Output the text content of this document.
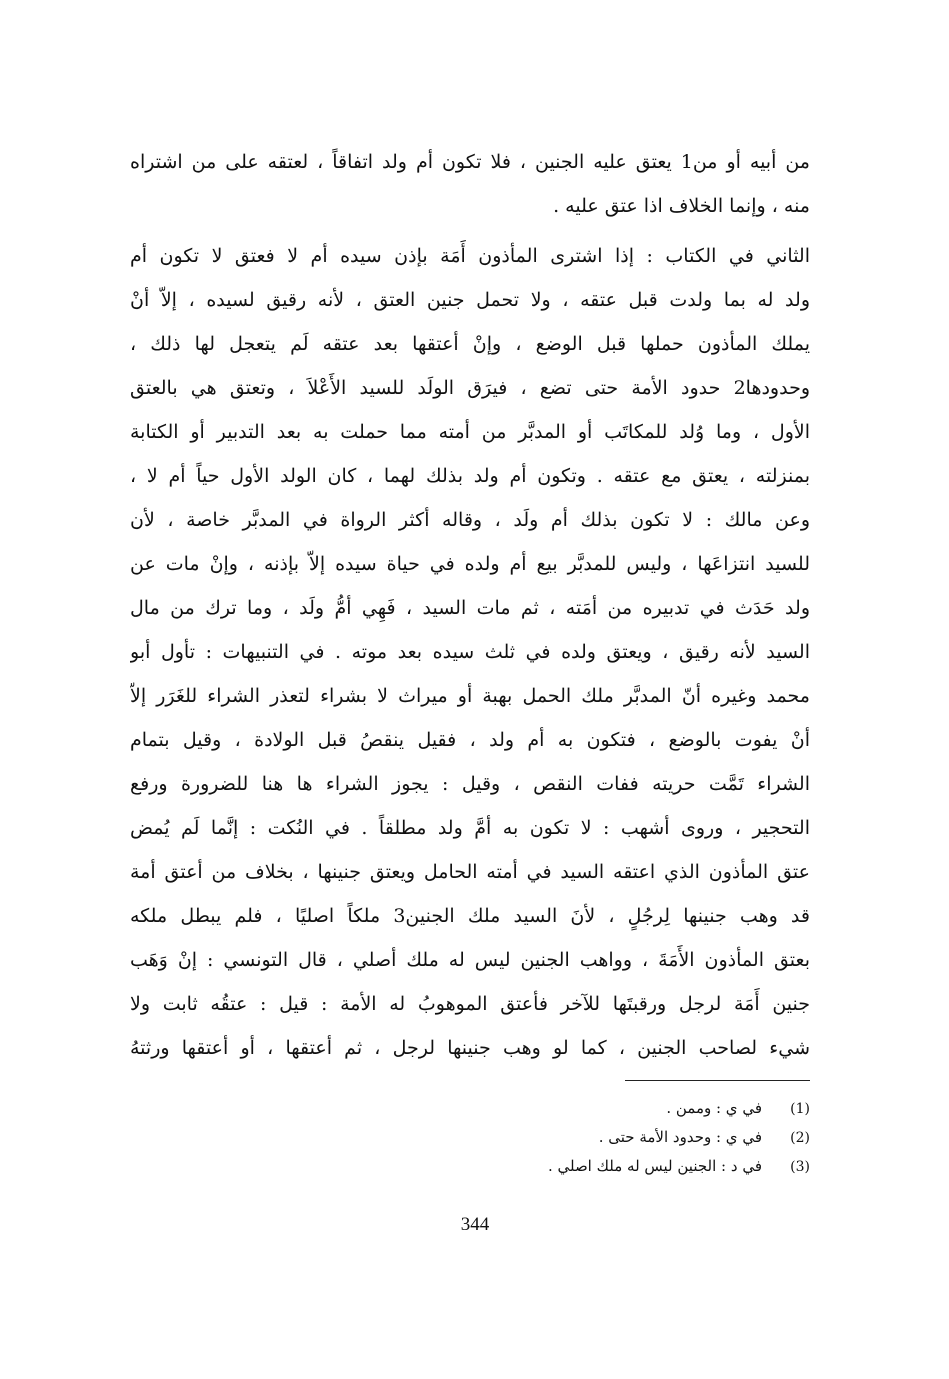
من أبيه أو من1 يعتق عليه الجنين ، فلا تكون أم ولد اتفاقاً ، لعتقه على من اشتراه
منه ، وإنما الخلاف اذا عتق عليه .
الثاني في الكتاب : إذا اشترى المأذون أَمَة بإذن سيده أم لا فعتق لا تكون أم
ولد له بما ولدت قبل عتقه ، ولا تحمل جنين العتق ، لأنه رقيق لسيده ، إلاّ أنْ
يملك المأذون حملها قبل الوضع ، وإنْ أعتقها بعد عتقه لَم يتعجل لها ذلك ،
وحدودها2 حدود الأمة حتى تضع ، فيرَق الولَد للسيد الأَعْلاَ ، وتعتق هي بالعتق
الأول ، وما وُلد للمكاتَب أو المدبَّر من أمته مما حملت به بعد التدبير أو الكتابة
بمنزلته ، يعتق مع عتقه . وتكون أم ولد بذلك لهما ، كان الولد الأول حياً أم لا ،
وعن مالك : لا تكون بذلك أم ولَد ، وقاله أكثر الرواة في المدبَّر خاصة ، لأن
للسيد انتزاعَها ، وليس للمدبَّر بيع أم ولده في حياة سيده إلاّ بإذنه ، وإنْ مات عن
ولد حَدَث في تدبيره من أمَته ، ثم مات السيد ، فَهِي أمُّ ولَد ، وما ترك من مال
السيد لأنه رقيق ، ويعتق ولده في ثلث سيده بعد موته . في التنبيهات : تأول أبو
محمد وغيره أنّ المدبَّر ملك الحمل بهبة أو ميراث لا بشراء لتعذر الشراء للغَرَر إلاّ
أنْ يفوت بالوضع ، فتكون به أم ولد ، فقيل ينقصُ قبل الولادة ، وقيل بتمام
الشراء تَمَّت حريته ففات النقص ، وقيل : يجوز الشراء ها هنا للضرورة ورفع
التحجير ، وروى أشهب : لا تكون به أمَّ ولد مطلقاً . في النُكت : إنَّما لَم يُمض
عتق المأذون الذي اعتقه السيد في أمته الحامل ويعتق جنينها ، بخلاف من أعتق أمة
قد وهب جنينها لِرجُلٍ ، لأنَ السيد ملك الجنين3 ملكاً اصليًا ، فلم يبطل ملكه
بعتق المأذون الأَمَةَ ، وواهب الجنين ليس له ملك أصلي ، قال التونسي : إنْ وَهَب
جنين أَمَة لرجل ورقبتَها للآخر فأعتق الموهوبُ له الأمة : قيل : عتقُه ثابت ولا
شيء لصاحب الجنين ، كما لو وهب جنينها لرجل ، ثم أعتقها ، أو أعتقها ورثتهُ
(1)في ي : وممن .
(2)في ي : وحدود الأمة حتى .
(3)في د : الجنين ليس له ملك اصلي .
344
